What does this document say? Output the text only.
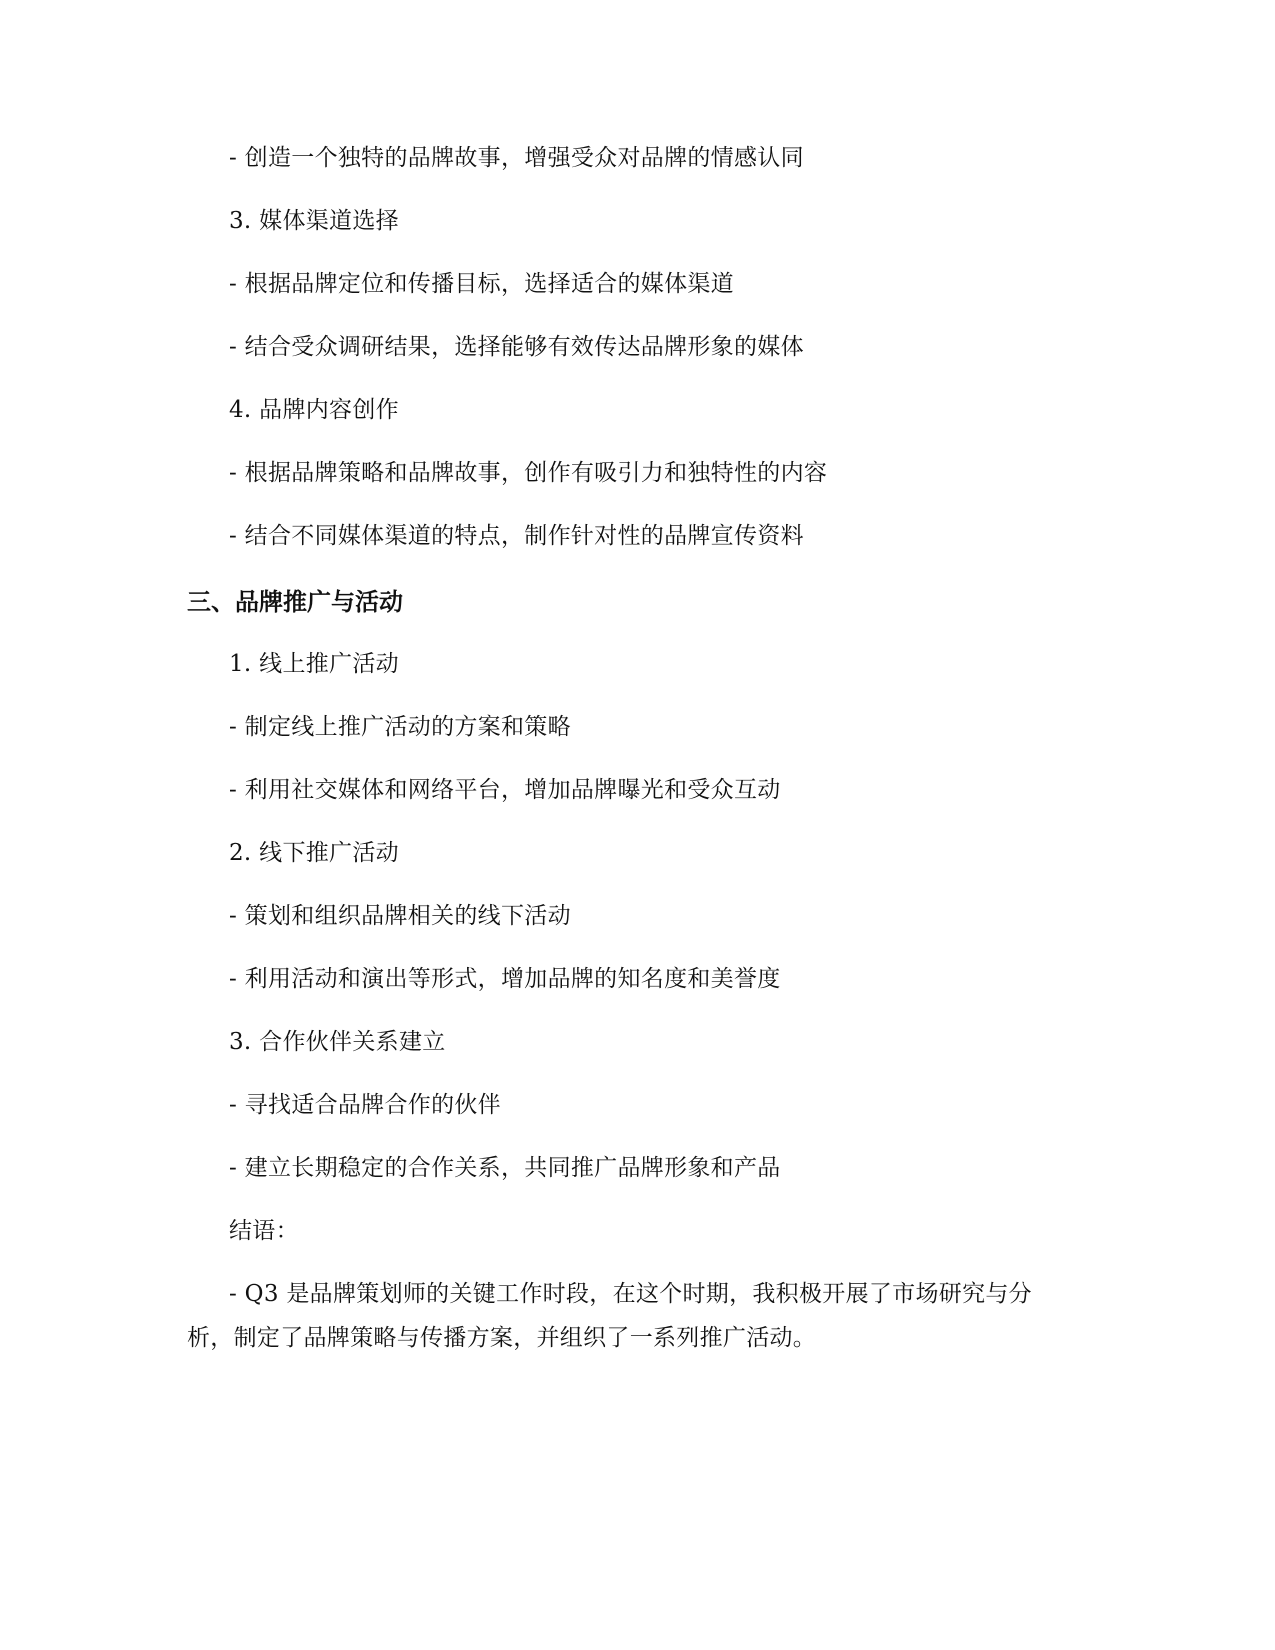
- 创造一个独特的品牌故事，增强受众对品牌的情感认同
3. 媒体渠道选择
- 根据品牌定位和传播目标，选择适合的媒体渠道
- 结合受众调研结果，选择能够有效传达品牌形象的媒体
4. 品牌内容创作
- 根据品牌策略和品牌故事，创作有吸引力和独特性的内容
- 结合不同媒体渠道的特点，制作针对性的品牌宣传资料
三、品牌推广与活动
1. 线上推广活动
- 制定线上推广活动的方案和策略
- 利用社交媒体和网络平台，增加品牌曝光和受众互动
2. 线下推广活动
- 策划和组织品牌相关的线下活动
- 利用活动和演出等形式，增加品牌的知名度和美誉度
3. 合作伙伴关系建立
- 寻找适合品牌合作的伙伴
- 建立长期稳定的合作关系，共同推广品牌形象和产品
结语：
- Q3 是品牌策划师的关键工作时段，在这个时期，我积极开展了市场研究与分析，制定了品牌策略与传播方案，并组织了一系列推广活动。
